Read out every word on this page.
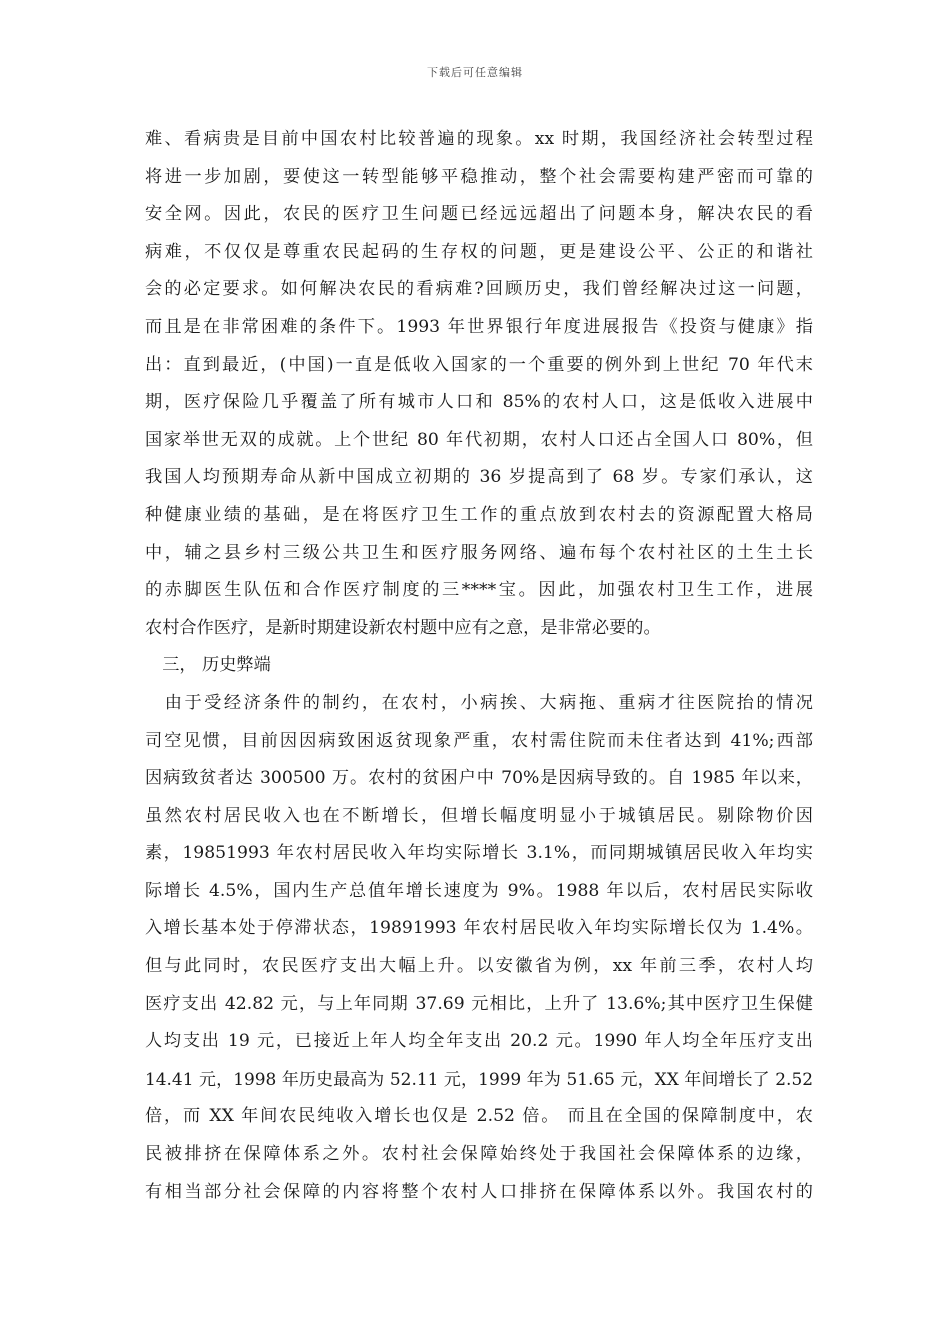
下载后可任意编辑
难、看病贵是目前中国农村比较普遍的现象。xx 时期，我国经济社会转型过程
将进一步加剧，要使这一转型能够平稳推动，整个社会需要构建严密而可靠的
安全网。因此，农民的医疗卫生问题已经远远超出了问题本身，解决农民的看
病难，不仅仅是尊重农民起码的生存权的问题，更是建设公平、公正的和谐社
会的必定要求。如何解决农民的看病难?回顾历史，我们曾经解决过这一问题，
而且是在非常困难的条件下。1993 年世界银行年度进展报告《投资与健康》指
出：直到最近，(中国)一直是低收入国家的一个重要的例外到上世纪 70 年代末
期，医疗保险几乎覆盖了所有城市人口和 85%的农村人口，这是低收入进展中
国家举世无双的成就。上个世纪 80 年代初期，农村人口还占全国人口 80%，但
我国人均预期寿命从新中国成立初期的 36 岁提高到了 68 岁。专家们承认，这
种健康业绩的基础，是在将医疗卫生工作的重点放到农村去的资源配置大格局
中，辅之县乡村三级公共卫生和医疗服务网络、遍布每个农村社区的土生土长
的赤脚医生队伍和合作医疗制度的三****宝。因此，加强农村卫生工作，进展
农村合作医疗，是新时期建设新农村题中应有之意，是非常必要的。
　三， 历史弊端
　由于受经济条件的制约，在农村，小病挨、大病拖、重病才往医院抬的情况
司空见惯，目前因因病致困返贫现象严重，农村需住院而未住者达到 41%;西部
因病致贫者达 300500 万。农村的贫困户中 70%是因病导致的。自 1985 年以来，
虽然农村居民收入也在不断增长，但增长幅度明显小于城镇居民。剔除物价因
素，19851993 年农村居民收入年均实际增长 3.1%，而同期城镇居民收入年均实
际增长 4.5%，国内生产总值年增长速度为 9%。1988 年以后，农村居民实际收
入增长基本处于停滞状态，19891993 年农村居民收入年均实际增长仅为 1.4%。
但与此同时，农民医疗支出大幅上升。以安徽省为例，xx 年前三季，农村人均
医疗支出 42.82 元，与上年同期 37.69 元相比，上升了 13.6%;其中医疗卫生保健
人均支出 19 元，已接近上年人均全年支出 20.2 元。1990 年人均全年压疗支出
14.41 元，1998 年历史最高为 52.11 元，1999 年为 51.65 元，XX 年间增长了 2.52
倍，而 XX 年间农民纯收入增长也仅是 2.52 倍。 而且在全国的保障制度中，农
民被排挤在保障体系之外。农村社会保障始终处于我国社会保障体系的边缘，
有相当部分社会保障的内容将整个农村人口排挤在保障体系以外。我国农村的
